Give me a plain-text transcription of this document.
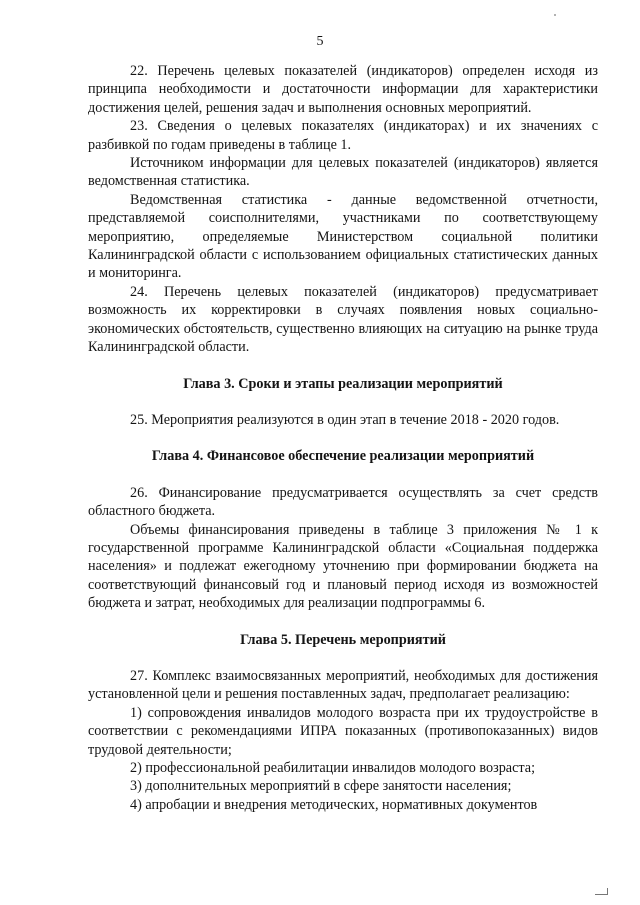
5

22. Перечень целевых показателей (индикаторов) определен исходя из принципа необходимости и достаточности информации для характеристики достижения целей, решения задач и выполнения основных мероприятий.

23. Сведения о целевых показателях (индикаторах) и их значениях с разбивкой по годам приведены в таблице 1.

Источником информации для целевых показателей (индикаторов) является ведомственная статистика.

Ведомственная статистика - данные ведомственной отчетности, представляемой соисполнителями, участниками по соответствующему мероприятию, определяемые Министерством социальной политики Калининградской области с использованием официальных статистических данных и мониторинга.

24. Перечень целевых показателей (индикаторов) предусматривает возможность их корректировки в случаях появления новых социально-экономических обстоятельств, существенно влияющих на ситуацию на рынке труда Калининградской области.

Глава 3. Сроки и этапы реализации мероприятий

25. Мероприятия реализуются в один этап в течение 2018 - 2020 годов.

Глава 4. Финансовое обеспечение реализации мероприятий

26. Финансирование предусматривается осуществлять за счет средств областного бюджета.

Объемы финансирования приведены в таблице 3 приложения № 1 к государственной программе Калининградской области «Социальная поддержка населения» и подлежат ежегодному уточнению при формировании бюджета на соответствующий финансовый год и плановый период исходя из возможностей бюджета и затрат, необходимых для реализации подпрограммы 6.

Глава 5. Перечень мероприятий

27. Комплекс взаимосвязанных мероприятий, необходимых для достижения установленной цели и решения поставленных задач, предполагает реализацию:

1) сопровождения инвалидов молодого возраста при их трудоустройстве в соответствии с рекомендациями ИПРА показанных (противопоказанных) видов трудовой деятельности;

2) профессиональной реабилитации инвалидов молодого возраста;

3) дополнительных мероприятий в сфере занятости населения;

4) апробации и внедрения методических, нормативных документов
